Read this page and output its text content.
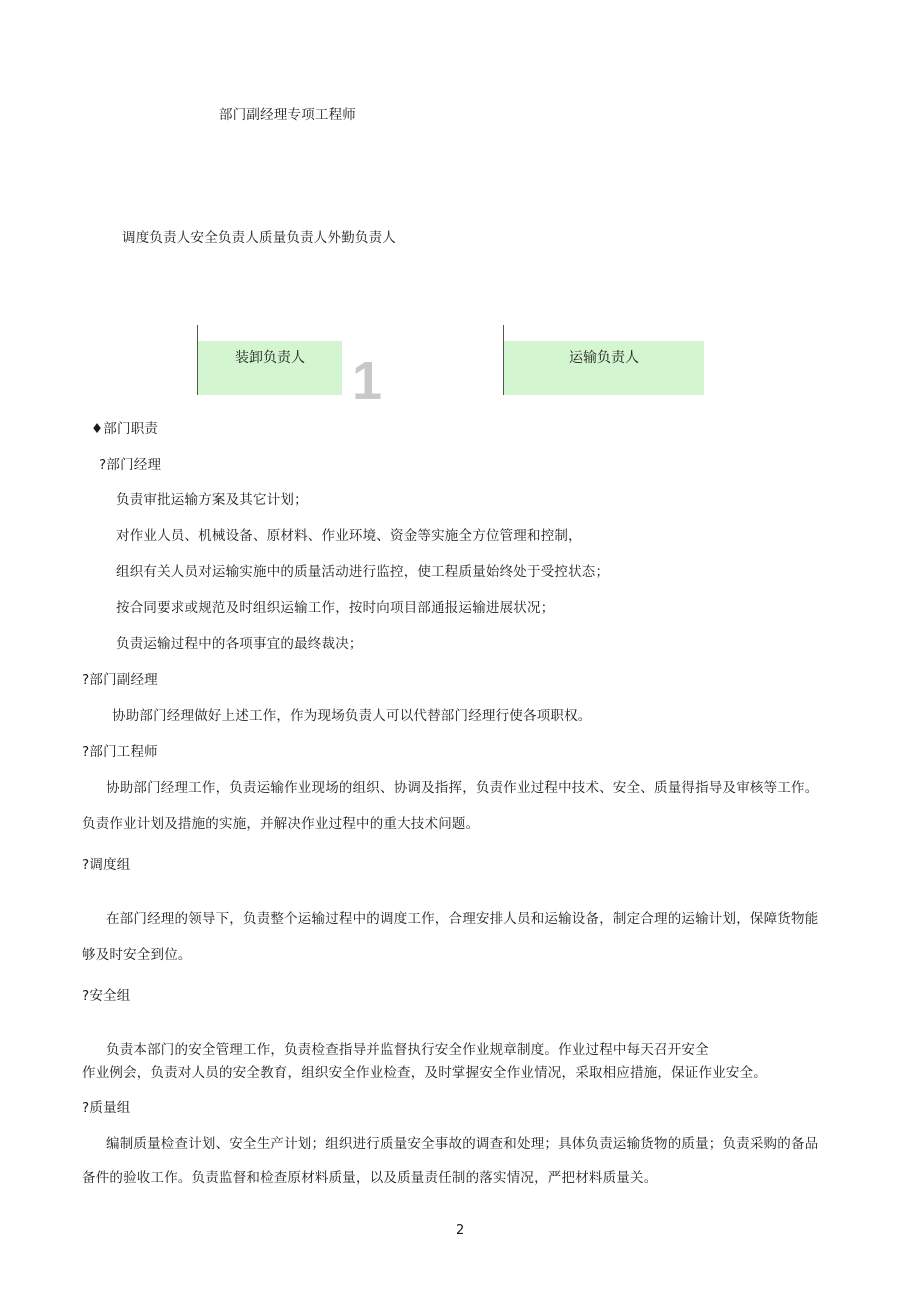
部门副经理专项工程师
调度负责人安全负责人质量负责人外勤负责人
装卸负责人 1	运输负责人
♦部门职责
?部门经理
负责审批运输方案及其它计划；
对作业人员、机械设备、原材料、作业环境、资金等实施全方位管理和控制，
组织有关人员对运输实施中的质量活动进行监控，使工程质量始终处于受控状态；
按合同要求或规范及时组织运输工作，按时向项目部通报运输进展状况；
负责运输过程中的各项事宜的最终裁决；
?部门副经理
协助部门经理做好上述工作，作为现场负责人可以代替部门经理行使各项职权。
?部门工程师
协助部门经理工作，负责运输作业现场的组织、协调及指挥，负责作业过程中技术、安全、质量得指导及审核等工作。
负责作业计划及措施的实施，并解决作业过程中的重大技术问题。
?调度组
在部门经理的领导下，负责整个运输过程中的调度工作，合理安排人员和运输设备，制定合理的运输计划，保障货物能
够及时安全到位。
?安全组
负责本部门的安全管理工作，负责检查指导并监督执行安全作业规章制度。作业过程中每天召开安全
作业例会，负责对人员的安全教育，组织安全作业检查，及时掌握安全作业情况，采取相应措施，保证作业安全。
?质量组
编制质量检查计划、安全生产计划；组织进行质量安全事故的调查和处理；具体负责运输货物的质量；负责采购的备品
备件的验收工作。负责监督和检查原材料质量，以及质量责任制的落实情况，严把材料质量关。
2
